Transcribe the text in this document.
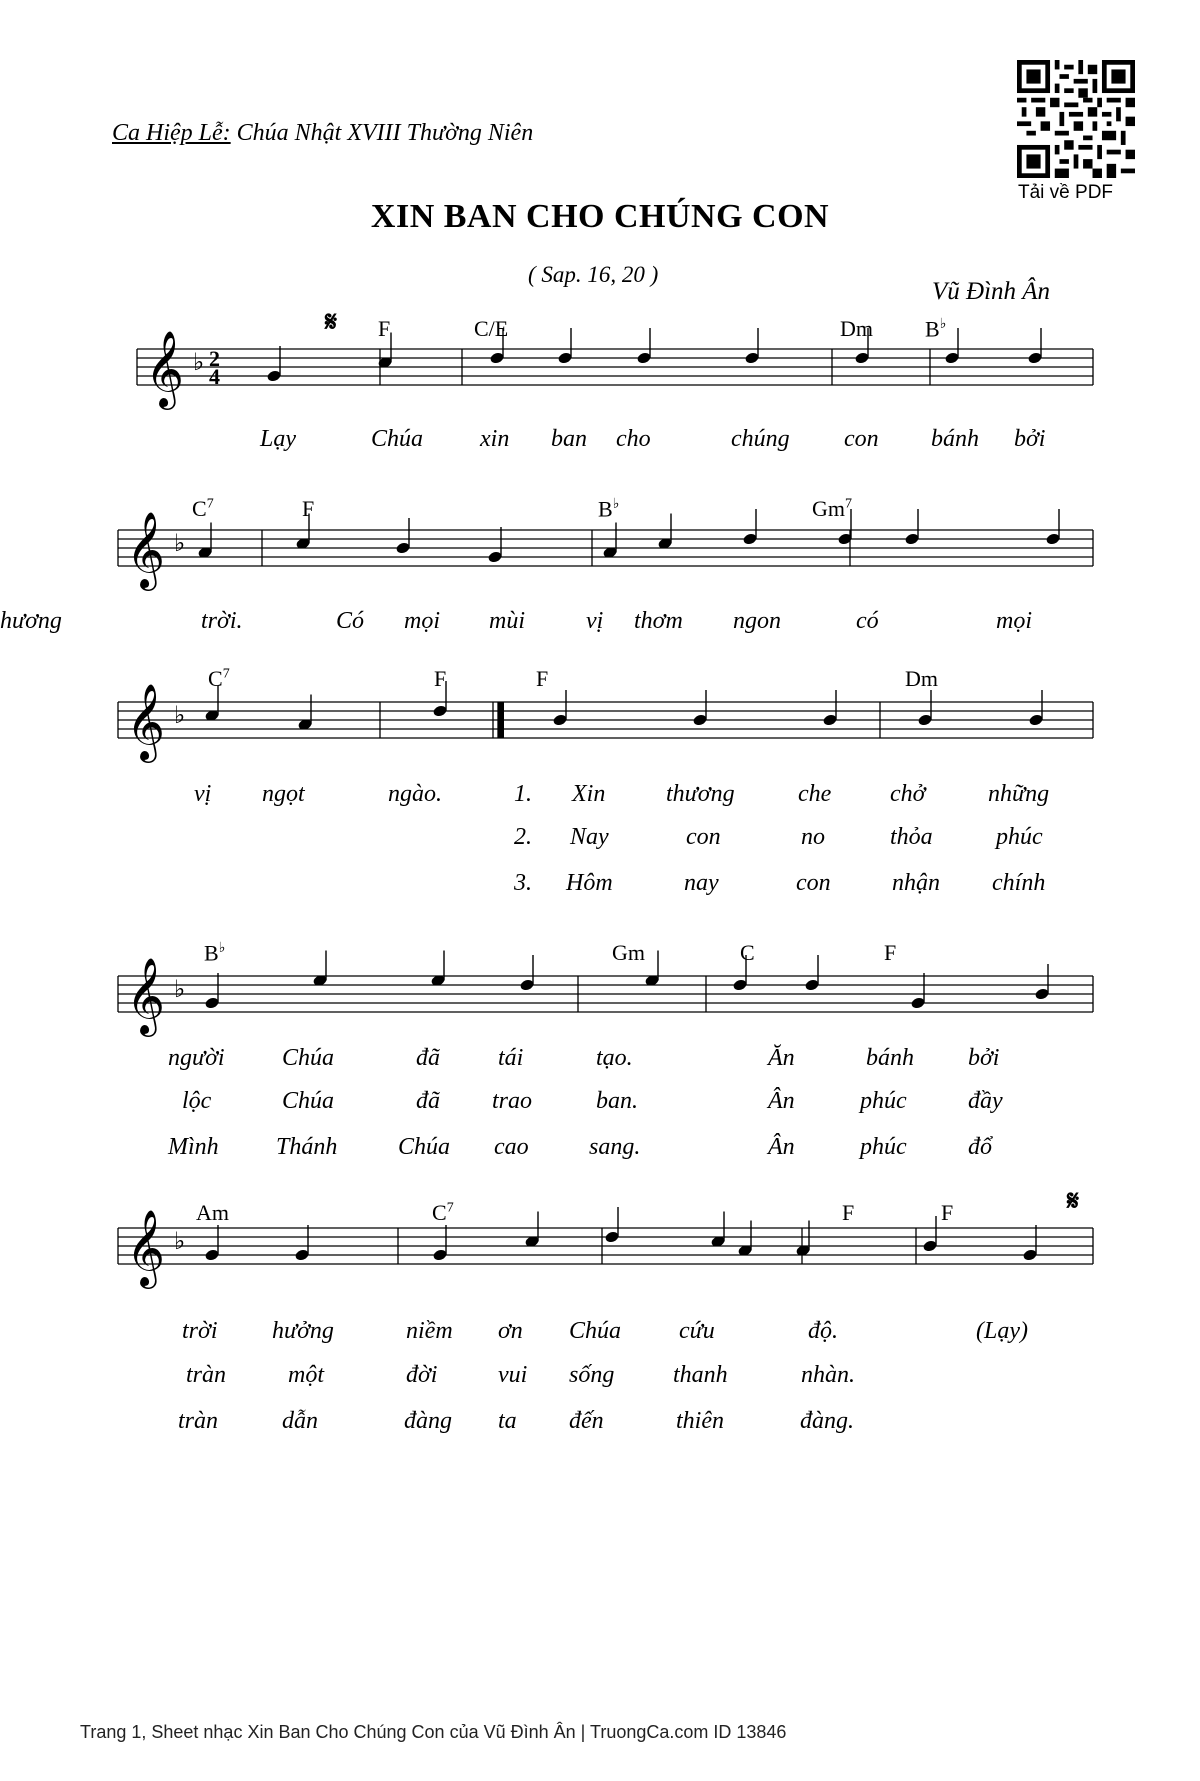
Ca Hiệp Lễ: Chúa Nhật XVIII Thường Niên
XIN BAN CHO CHÚNG CON
( Sap. 16, 20 )
Vũ Đình Ân
Tải về PDF
𝄞 ♭ 2
4
𝄋 F	C/E	Dm B♭
Lạy	Chúa xin ban cho	chúng con bánh bởi
𝄞 ♭
$C^7$	F	B♭	Gm$^7$
trời.	Có mọi mùi	vị thơm ngon	có	mọi
hương
𝄞 ♭
$C^7$	F	F	Dm
vị ngọt	ngào.	1. Xin	thương	che chở	những
2. Nay	con	no	thỏa	phúc
3. Hôm	nay	con	nhận chính
𝄞 ♭
B♭	Gm	C	F
người Chúa	đã tái	tạo.	Ăn	bánh bởi
lộc	Chúa	đã trao	ban.	Ân	phúc	đầy
Mình Thánh	Chúa cao	sang.	Ân	phúc	đổ
𝄞 ♭
𝄋
Am	$C^7$	F	F
trời hưởng	niềm ơn Chúa cứu	độ.	(Lạy)
tràn	một	đời	vui sống thanh	nhàn.
tràn	dẫn	đàng ta đến	thiên	đàng.
Trang 1, Sheet nhạc Xin Ban Cho Chúng Con của Vũ Đình Ân | TruongCa.com ID 13846
